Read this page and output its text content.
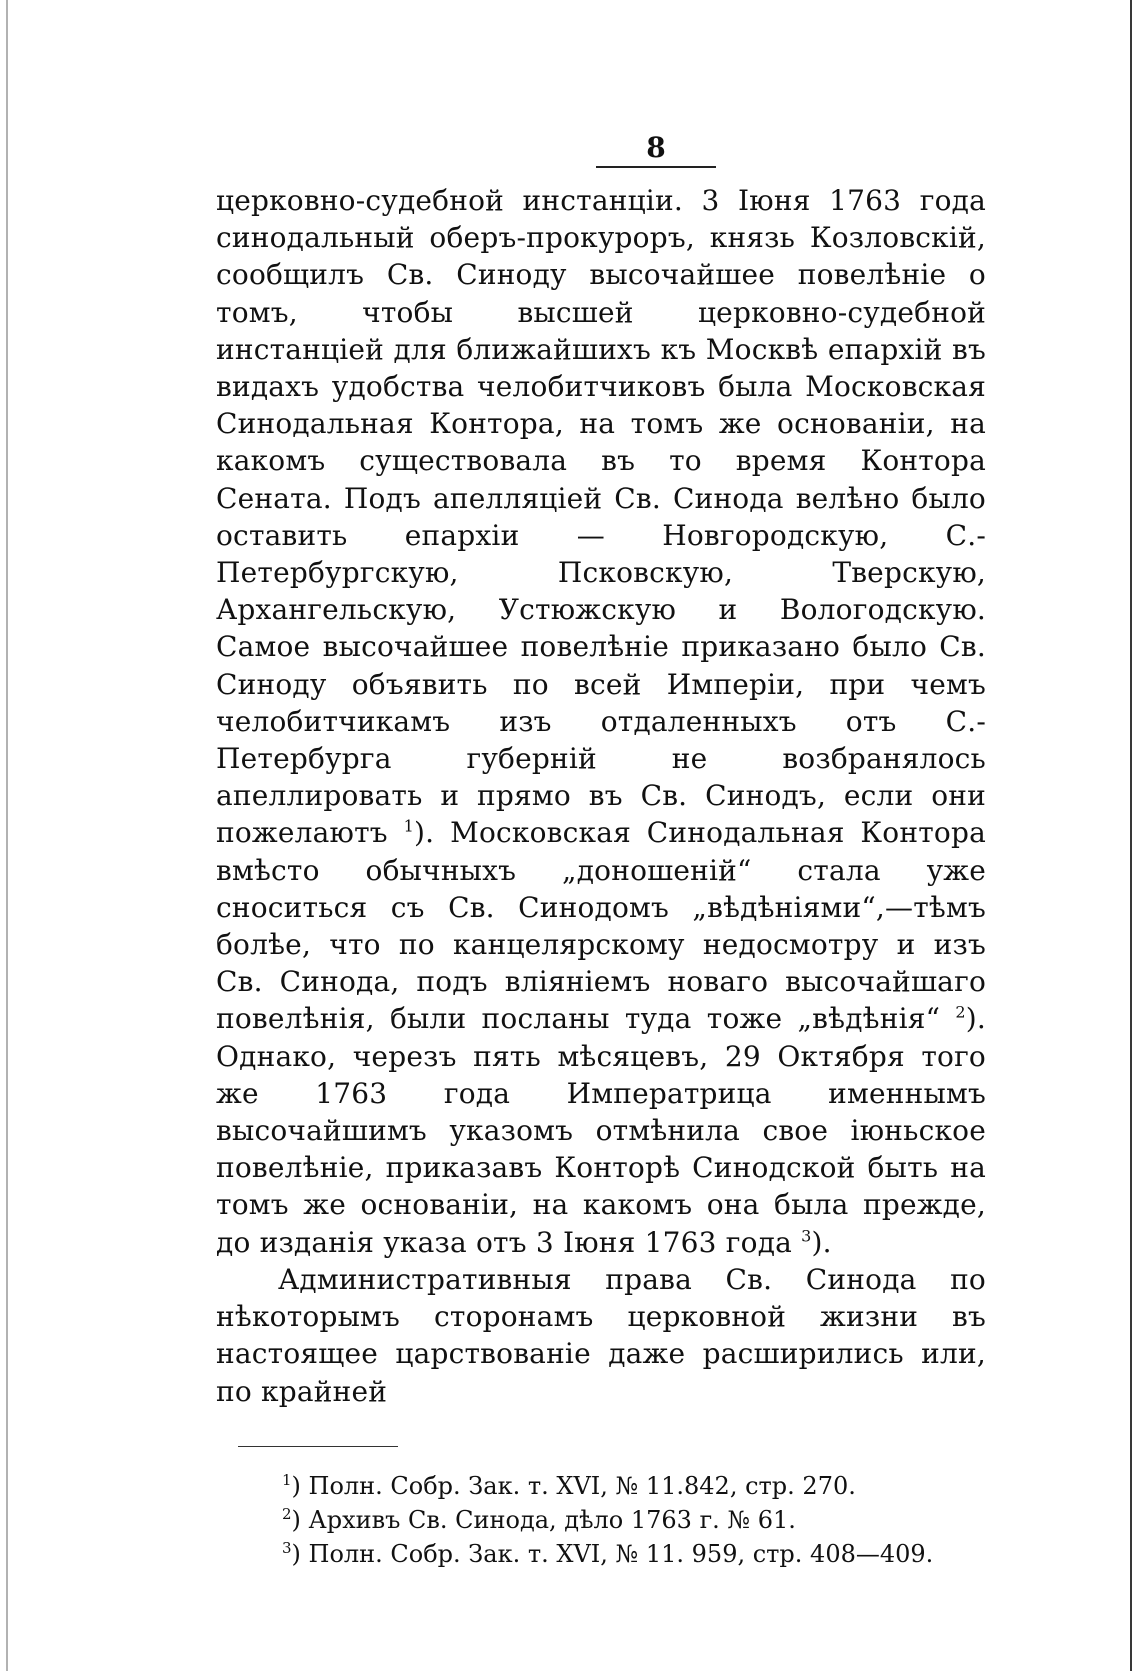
8

церковно-судебной инстанціи. 3 Іюня 1763 года синодальный оберъ-прокуроръ, князь Козловскій, сообщилъ Св. Синоду высочайшее повелѣніе о томъ, чтобы высшей церковно-судебной инстанціей для ближайшихъ къ Москвѣ епархій въ видахъ удобства челобитчиковъ была Московская Синодальная Контора, на томъ же основаніи, на какомъ существовала въ то время Контора Сената. Подъ апелляціей Св. Синода велѣно было оставить епархіи — Новгородскую, С.-Петербургскую, Псковскую, Тверскую, Архангельскую, Устюжскую и Вологодскую. Самое высочайшее повелѣніе приказано было Св. Синоду объявить по всей Имперіи, при чемъ челобитчикамъ изъ отдаленныхъ отъ С.-Петербурга губерній не возбранялось апеллировать и прямо въ Св. Синодъ, если они пожелаютъ $^1$). Московская Синодальная Контора вмѣсто обычныхъ „доношеній“ стала уже сноситься съ Св. Синодомъ „вѣдѣніями“,—тѣмъ болѣе, что по канцелярскому недосмотру и изъ Св. Синода, подъ вліяніемъ новаго высочайшаго повелѣнія, были посланы туда тоже „вѣдѣнія“ $^2$). Однако, черезъ пять мѣсяцевъ, 29 Октября того же 1763 года Императрица именнымъ высочайшимъ указомъ отмѣнила свое іюньское повелѣніе, приказавъ Конторѣ Синодской быть на томъ же основаніи, на какомъ она была прежде, до изданія указа отъ 3 Іюня 1763 года $^3$).

Административныя права Св. Синода по нѣкоторымъ сторонамъ церковной жизни въ настоящее царствованіе даже расширились или, по крайней

$^1$) Полн. Собр. Зак. т. XVI, № 11.842, стр. 270.
$^2$) Архивъ Св. Синода, дѣло 1763 г. № 61.
$^3$) Полн. Собр. Зак. т. XVI, № 11. 959, стр. 408—409.
